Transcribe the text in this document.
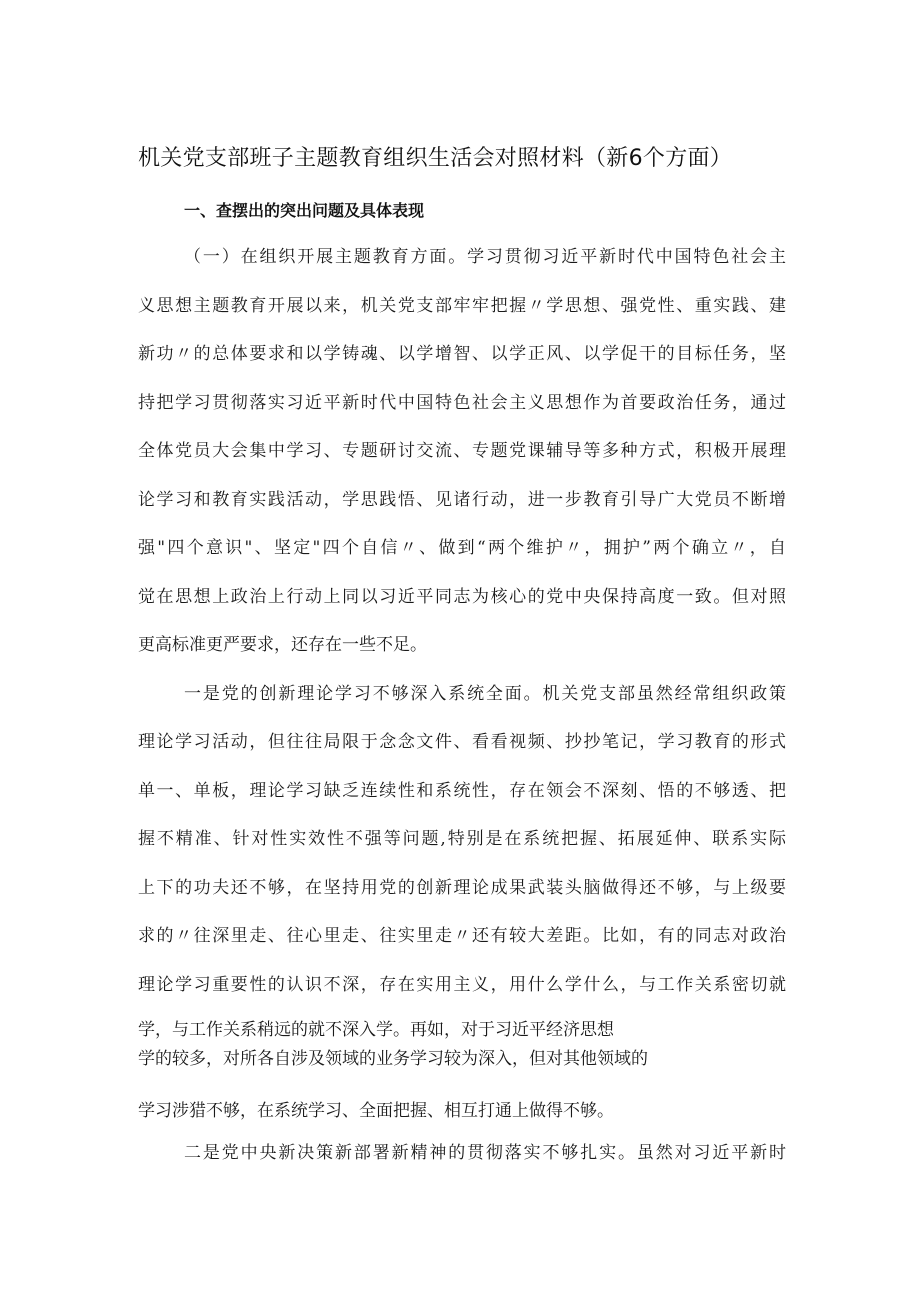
机关党支部班子主题教育组织生活会对照材料（新6个方面）
一、查摆出的突出问题及具体表现
（一）在组织开展主题教育方面。学习贯彻习近平新时代中国特色社会主
义思想主题教育开展以来，机关党支部牢牢把握〃学思想、强党性、重实践、建
新功〃的总体要求和以学铸魂、以学增智、以学正风、以学促干的目标任务，坚
持把学习贯彻落实习近平新时代中国特色社会主义思想作为首要政治任务，通过
全体党员大会集中学习、专题研讨交流、专题党课辅导等多种方式，积极开展理
论学习和教育实践活动，学思践悟、见诸行动，进一步教育引导广大党员不断增
强"四个意识"、坚定"四个自信〃、做到“两个维护〃，拥护”两个确立〃，自
觉在思想上政治上行动上同以习近平同志为核心的党中央保持高度一致。但对照
更高标准更严要求，还存在一些不足。
一是党的创新理论学习不够深入系统全面。机关党支部虽然经常组织政策
理论学习活动，但往往局限于念念文件、看看视频、抄抄笔记，学习教育的形式
单一、单板，理论学习缺乏连续性和系统性，存在领会不深刻、悟的不够透、把
握不精准、针对性实效性不强等问题,特别是在系统把握、拓展延伸、联系实际
上下的功夫还不够，在坚持用党的创新理论成果武装头脑做得还不够，与上级要
求的〃往深里走、往心里走、往实里走〃还有较大差距。比如，有的同志对政治
理论学习重要性的认识不深，存在实用主义，用什么学什么，与工作关系密切就
学，与工作关系稍远的就不深入学。再如，对于习近平经济思想
学的较多，对所各自涉及领域的业务学习较为深入，但对其他领域的
学习涉猎不够，在系统学习、全面把握、相互打通上做得不够。
二是党中央新决策新部署新精神的贯彻落实不够扎实。虽然对习近平新时
